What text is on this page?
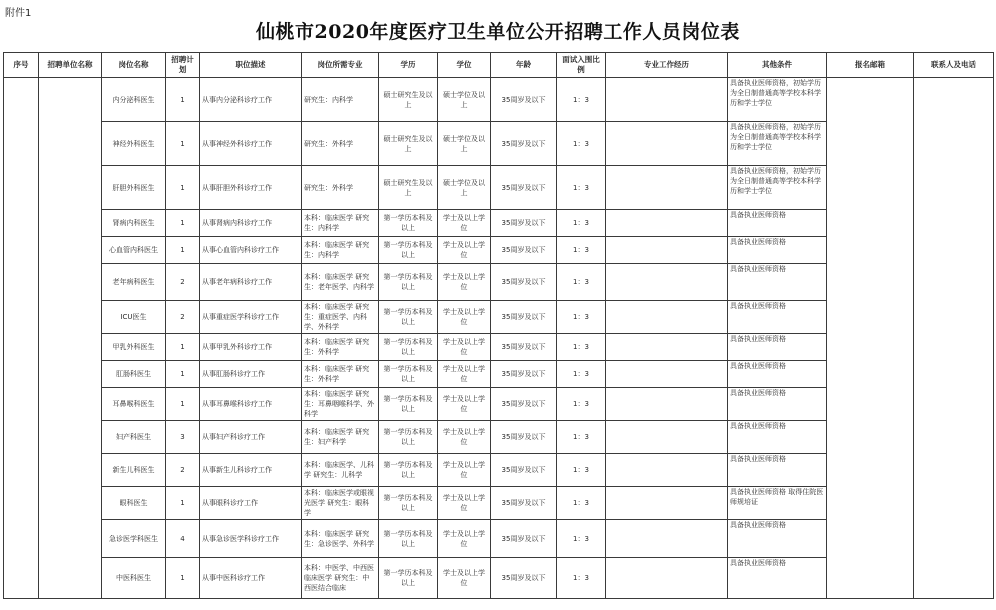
附件1
仙桃市2020年度医疗卫生单位公开招聘工作人员岗位表
序号	招聘单位名称	岗位名称	招聘计划	职位描述	岗位所需专业	学历	学位	年龄	面试入围比例	专业工作经历	其他条件	报名邮箱	联系人及电话
		内分泌科医生	1	从事内分泌科诊疗工作	研究生：内科学	硕士研究生及以上	硕士学位及以上	35周岁及以下	1：3		具备执业医师资格，初始学历为全日制普通高等学校本科学历和学士学位		
		神经外科医生	1	从事神经外科诊疗工作	研究生：外科学	硕士研究生及以上	硕士学位及以上	35周岁及以下	1：3		具备执业医师资格，初始学历为全日制普通高等学校本科学历和学士学位		
		肝胆外科医生	1	从事肝胆外科诊疗工作	研究生：外科学	硕士研究生及以上	硕士学位及以上	35周岁及以下	1：3		具备执业医师资格，初始学历为全日制普通高等学校本科学历和学士学位		
		肾病内科医生	1	从事肾病内科诊疗工作	本科：临床医学 研究生：内科学	第一学历本科及以上	学士及以上学位	35周岁及以下	1：3		具备执业医师资格		
		心血管内科医生	1	从事心血管内科诊疗工作	本科：临床医学 研究生：内科学	第一学历本科及以上	学士及以上学位	35周岁及以下	1：3		具备执业医师资格		
		老年病科医生	2	从事老年病科诊疗工作	本科：临床医学 研究生：老年医学、内科学	第一学历本科及以上	学士及以上学位	35周岁及以下	1：3		具备执业医师资格		
		ICU医生	2	从事重症医学科诊疗工作	本科：临床医学 研究生：重症医学、内科学、外科学	第一学历本科及以上	学士及以上学位	35周岁及以下	1：3		具备执业医师资格		
		甲乳外科医生	1	从事甲乳外科诊疗工作	本科：临床医学 研究生：外科学	第一学历本科及以上	学士及以上学位	35周岁及以下	1：3		具备执业医师资格		
		肛肠科医生	1	从事肛肠科诊疗工作	本科：临床医学 研究生：外科学	第一学历本科及以上	学士及以上学位	35周岁及以下	1：3		具备执业医师资格		
		耳鼻喉科医生	1	从事耳鼻喉科诊疗工作	本科：临床医学 研究生：耳鼻咽喉科学、外科学	第一学历本科及以上	学士及以上学位	35周岁及以下	1：3		具备执业医师资格		
		妇产科医生	3	从事妇产科诊疗工作	本科：临床医学 研究生：妇产科学	第一学历本科及以上	学士及以上学位	35周岁及以下	1：3		具备执业医师资格		
		新生儿科医生	2	从事新生儿科诊疗工作	本科：临床医学、儿科学 研究生：儿科学	第一学历本科及以上	学士及以上学位	35周岁及以下	1：3		具备执业医师资格		
		眼科医生	1	从事眼科诊疗工作	本科：临床医学或眼视光医学 研究生：眼科学	第一学历本科及以上	学士及以上学位	35周岁及以下	1：3		具备执业医师资格 取得住院医师规培证		
		急诊医学科医生	4	从事急诊医学科诊疗工作	本科：临床医学 研究生：急诊医学、外科学	第一学历本科及以上	学士及以上学位	35周岁及以下	1：3		具备执业医师资格		
		中医科医生	1	从事中医科诊疗工作	本科：中医学、中西医临床医学 研究生：中西医结合临床	第一学历本科及以上	学士及以上学位	35周岁及以下	1：3		具备执业医师资格		
